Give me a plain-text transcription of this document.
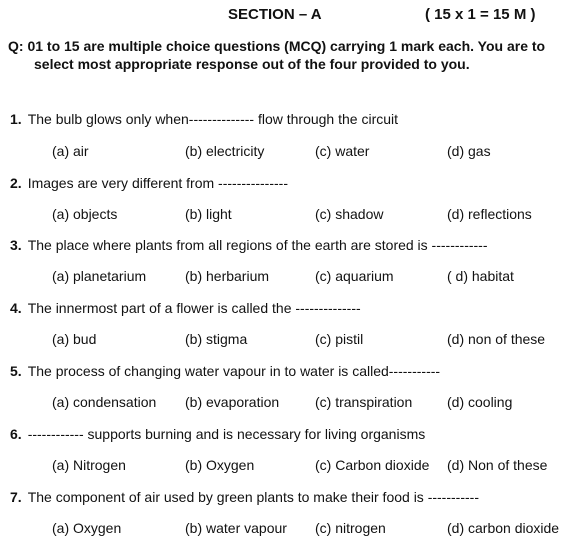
SECTION – A	( 15 x 1 = 15 M )
Q: 01 to 15 are multiple choice questions (MCQ) carrying 1 mark each. You are to
select most appropriate response out of the four provided to you.
1. The bulb glows only when-------------- flow through the circuit
(a) air	(b) electricity	(c) water	(d) gas
2. Images are very different from ---------------
(a) objects	(b) light	(c) shadow	(d) reflections
3. The place where plants from all regions of the earth are stored is ------------
(a) planetarium	(b) herbarium	(c) aquarium	( d) habitat
4. The innermost part of a flower is called the --------------
(a) bud	(b) stigma	(c) pistil	(d) non of these
5. The process of changing water vapour in to water is called-----------
(a) condensation (b) evaporation	(c) transpiration (d) cooling
6. ------------ supports burning and is necessary for living organisms
(a) Nitrogen	(b) Oxygen	(c) Carbon dioxide (d) Non of these
7. The component of air used by green plants to make their food is -----------
(a) Oxygen	(b) water vapour (c) nitrogen	(d) carbon dioxide
